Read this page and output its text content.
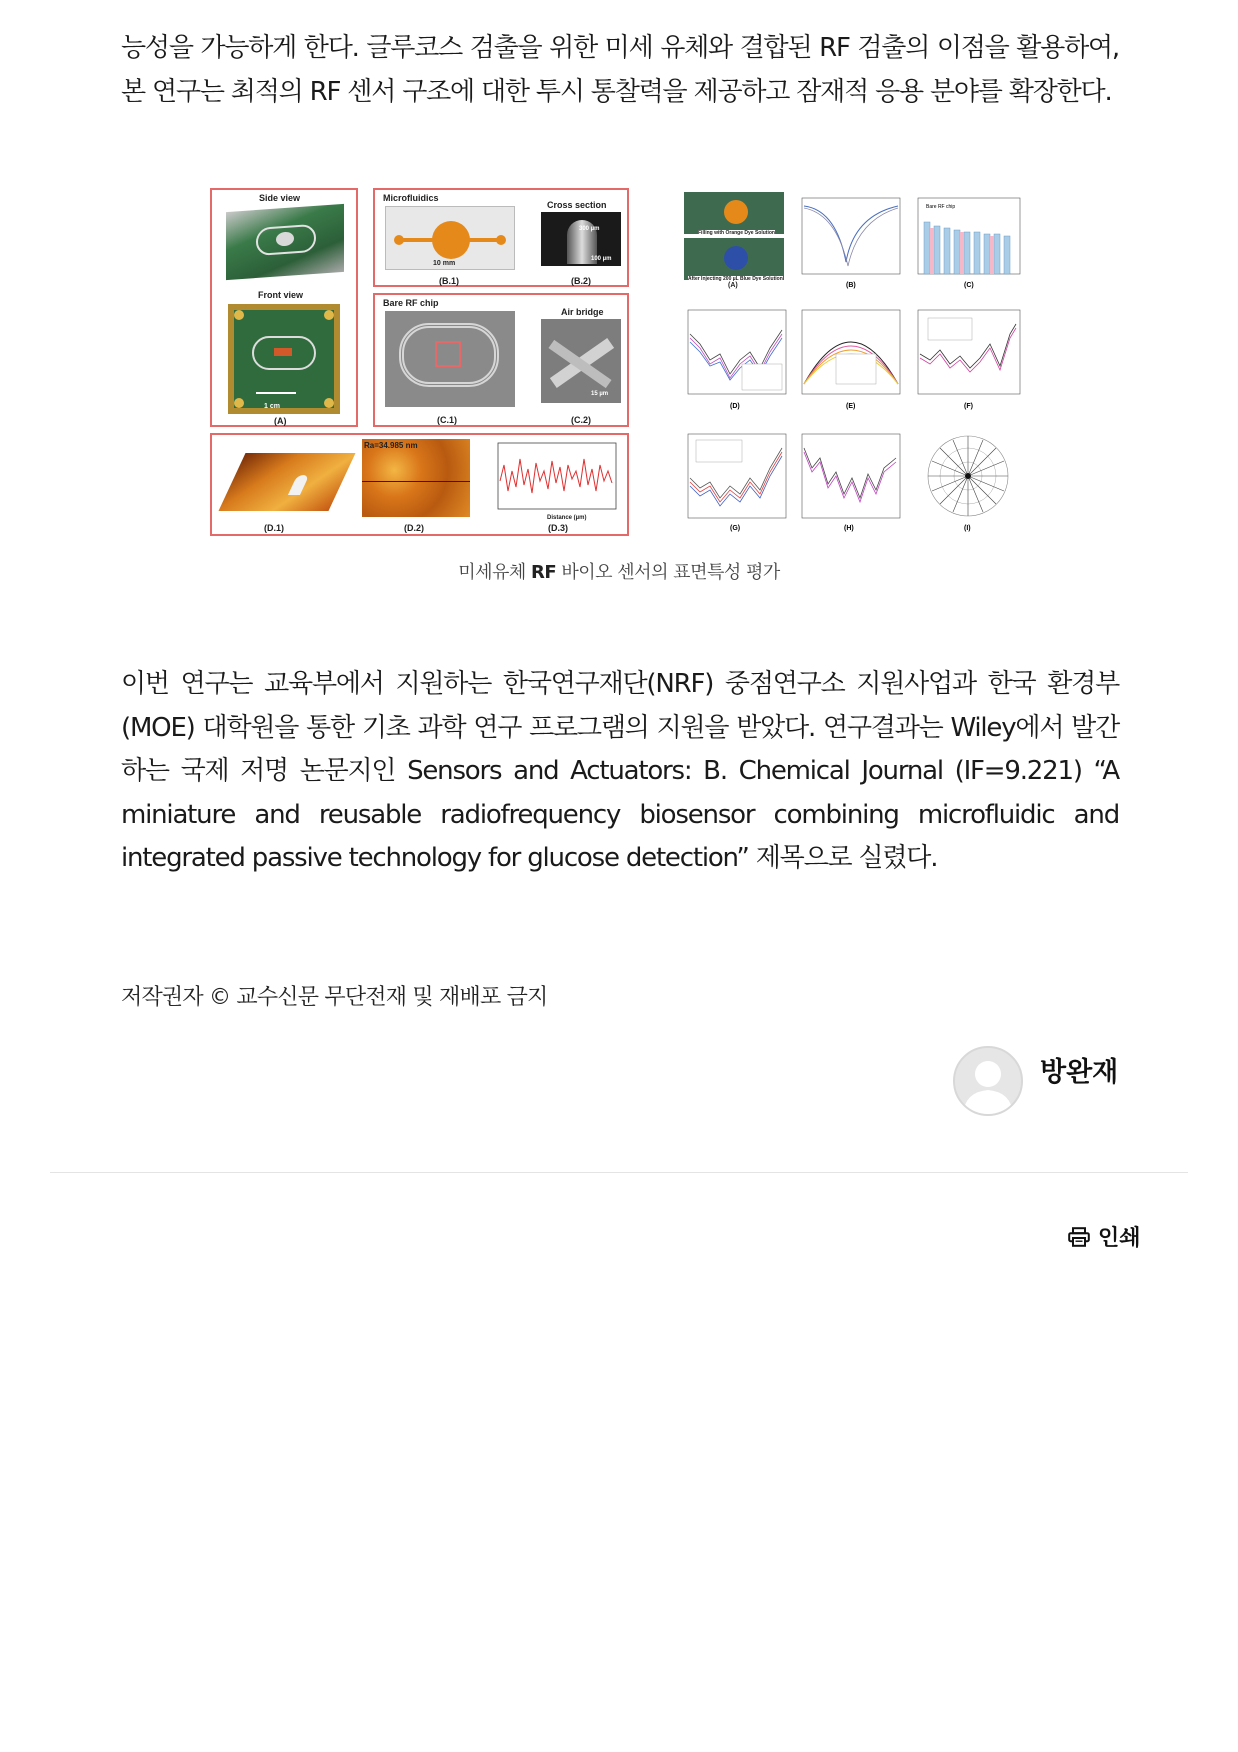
능성을 가능하게 한다. 글루코스 검출을 위한 미세 유체와 결합된 RF 검출의 이점을 활용하여, 본 연구는 최적의 RF 센서 구조에 대한 투시 통찰력을 제공하고 잠재적 응용 분야를 확장한다.

Side view
Front view
1 cm
(A)
Microfluidics
10 mm
Cross section
300 µm
100 µm
(B.1)	(B.2)
Bare RF chip
Air bridge
15 µm
(C.1)	(C.2)
(D.1)
Ra=34.985 nm
(D.2)
Distance (µm)
(D.3)
Filling with Orange Dye Solution
After Injecting 200 µL Blue Dye Solution
(A)	(B)
Bare RF chip
(C)
(D)	(E)	(F)
(G)	(H)	(I)
미세유체 RF 바이오 센서의 표면특성 평가

이번 연구는 교육부에서 지원하는 한국연구재단(NRF) 중점연구소 지원사업과 한국 환경부(MOE) 대학원을 통한 기초 과학 연구 프로그램의 지원을 받았다. 연구결과는 Wiley에서 발간하는 국제 저명 논문지인 Sensors and Actuators: B. Chemical Journal (IF=9.221) “A miniature and reusable radiofrequency biosensor combining microfluidic and integrated passive technology for glucose detection” 제목으로 실렸다.

저작권자 © 교수신문 무단전재 및 재배포 금지
방완재
인쇄
